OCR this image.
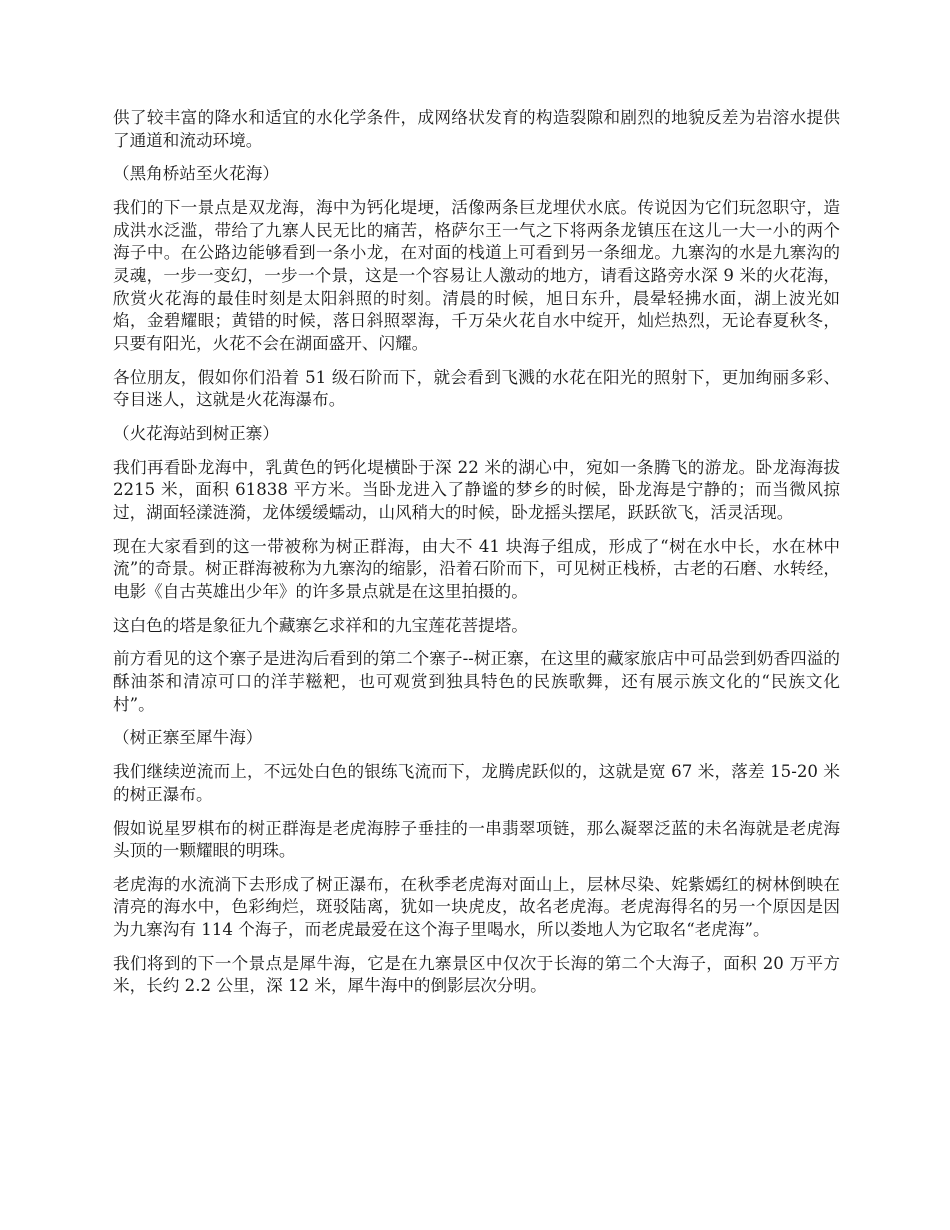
供了较丰富的降水和适宜的水化学条件，成网络状发育的构造裂隙和剧烈的地貌反差为岩溶水提供了通道和流动环境。

（黑角桥站至火花海）

我们的下一景点是双龙海，海中为钙化堤埂，活像两条巨龙埋伏水底。传说因为它们玩忽职守，造成洪水泛滥，带给了九寨人民无比的痛苦，格萨尔王一气之下将两条龙镇压在这儿一大一小的两个海子中。在公路边能够看到一条小龙，在对面的栈道上可看到另一条细龙。九寨沟的水是九寨沟的灵魂，一步一变幻，一步一个景，这是一个容易让人激动的地方，请看这路旁水深 9 米的火花海，欣赏火花海的最佳时刻是太阳斜照的时刻。清晨的时候，旭日东升，晨晕轻拂水面，湖上波光如焰，金碧耀眼；黄错的时候，落日斜照翠海，千万朵火花自水中绽开，灿烂热烈，无论春夏秋冬，只要有阳光，火花不会在湖面盛开、闪耀。

各位朋友，假如你们沿着 51 级石阶而下，就会看到飞溅的水花在阳光的照射下，更加绚丽多彩、夺目迷人，这就是火花海瀑布。

（火花海站到树正寨）

我们再看卧龙海中，乳黄色的钙化堤横卧于深 22 米的湖心中，宛如一条腾飞的游龙。卧龙海海拔 2215 米，面积 61838 平方米。当卧龙进入了静谧的梦乡的时候，卧龙海是宁静的；而当微风掠过，湖面轻漾涟漪，龙体缓缓蠕动，山风稍大的时候，卧龙摇头摆尾，跃跃欲飞，活灵活现。

现在大家看到的这一带被称为树正群海，由大不 41 块海子组成，形成了“树在水中长，水在林中流”的奇景。树正群海被称为九寨沟的缩影，沿着石阶而下，可见树正栈桥，古老的石磨、水转经，电影《自古英雄出少年》的许多景点就是在这里拍摄的。

这白色的塔是象征九个藏寨乞求祥和的九宝莲花菩提塔。

前方看见的这个寨子是进沟后看到的第二个寨子--树正寨，在这里的藏家旅店中可品尝到奶香四溢的酥油茶和清凉可口的洋芋糍粑，也可观赏到独具特色的民族歌舞，还有展示族文化的“民族文化村”。

（树正寨至犀牛海）

我们继续逆流而上，不远处白色的银练飞流而下，龙腾虎跃似的，这就是宽 67 米，落差 15-20 米的树正瀑布。

假如说星罗棋布的树正群海是老虎海脖子垂挂的一串翡翠项链，那么凝翠泛蓝的未名海就是老虎海头顶的一颗耀眼的明珠。

老虎海的水流淌下去形成了树正瀑布，在秋季老虎海对面山上，层林尽染、姹紫嫣红的树林倒映在清亮的海水中，色彩绚烂，斑驳陆离，犹如一块虎皮，故名老虎海。老虎海得名的另一个原因是因为九寨沟有 114 个海子，而老虎最爱在这个海子里喝水，所以娄地人为它取名“老虎海”。

我们将到的下一个景点是犀牛海，它是在九寨景区中仅次于长海的第二个大海子，面积 20 万平方米，长约 2.2 公里，深 12 米，犀牛海中的倒影层次分明。
